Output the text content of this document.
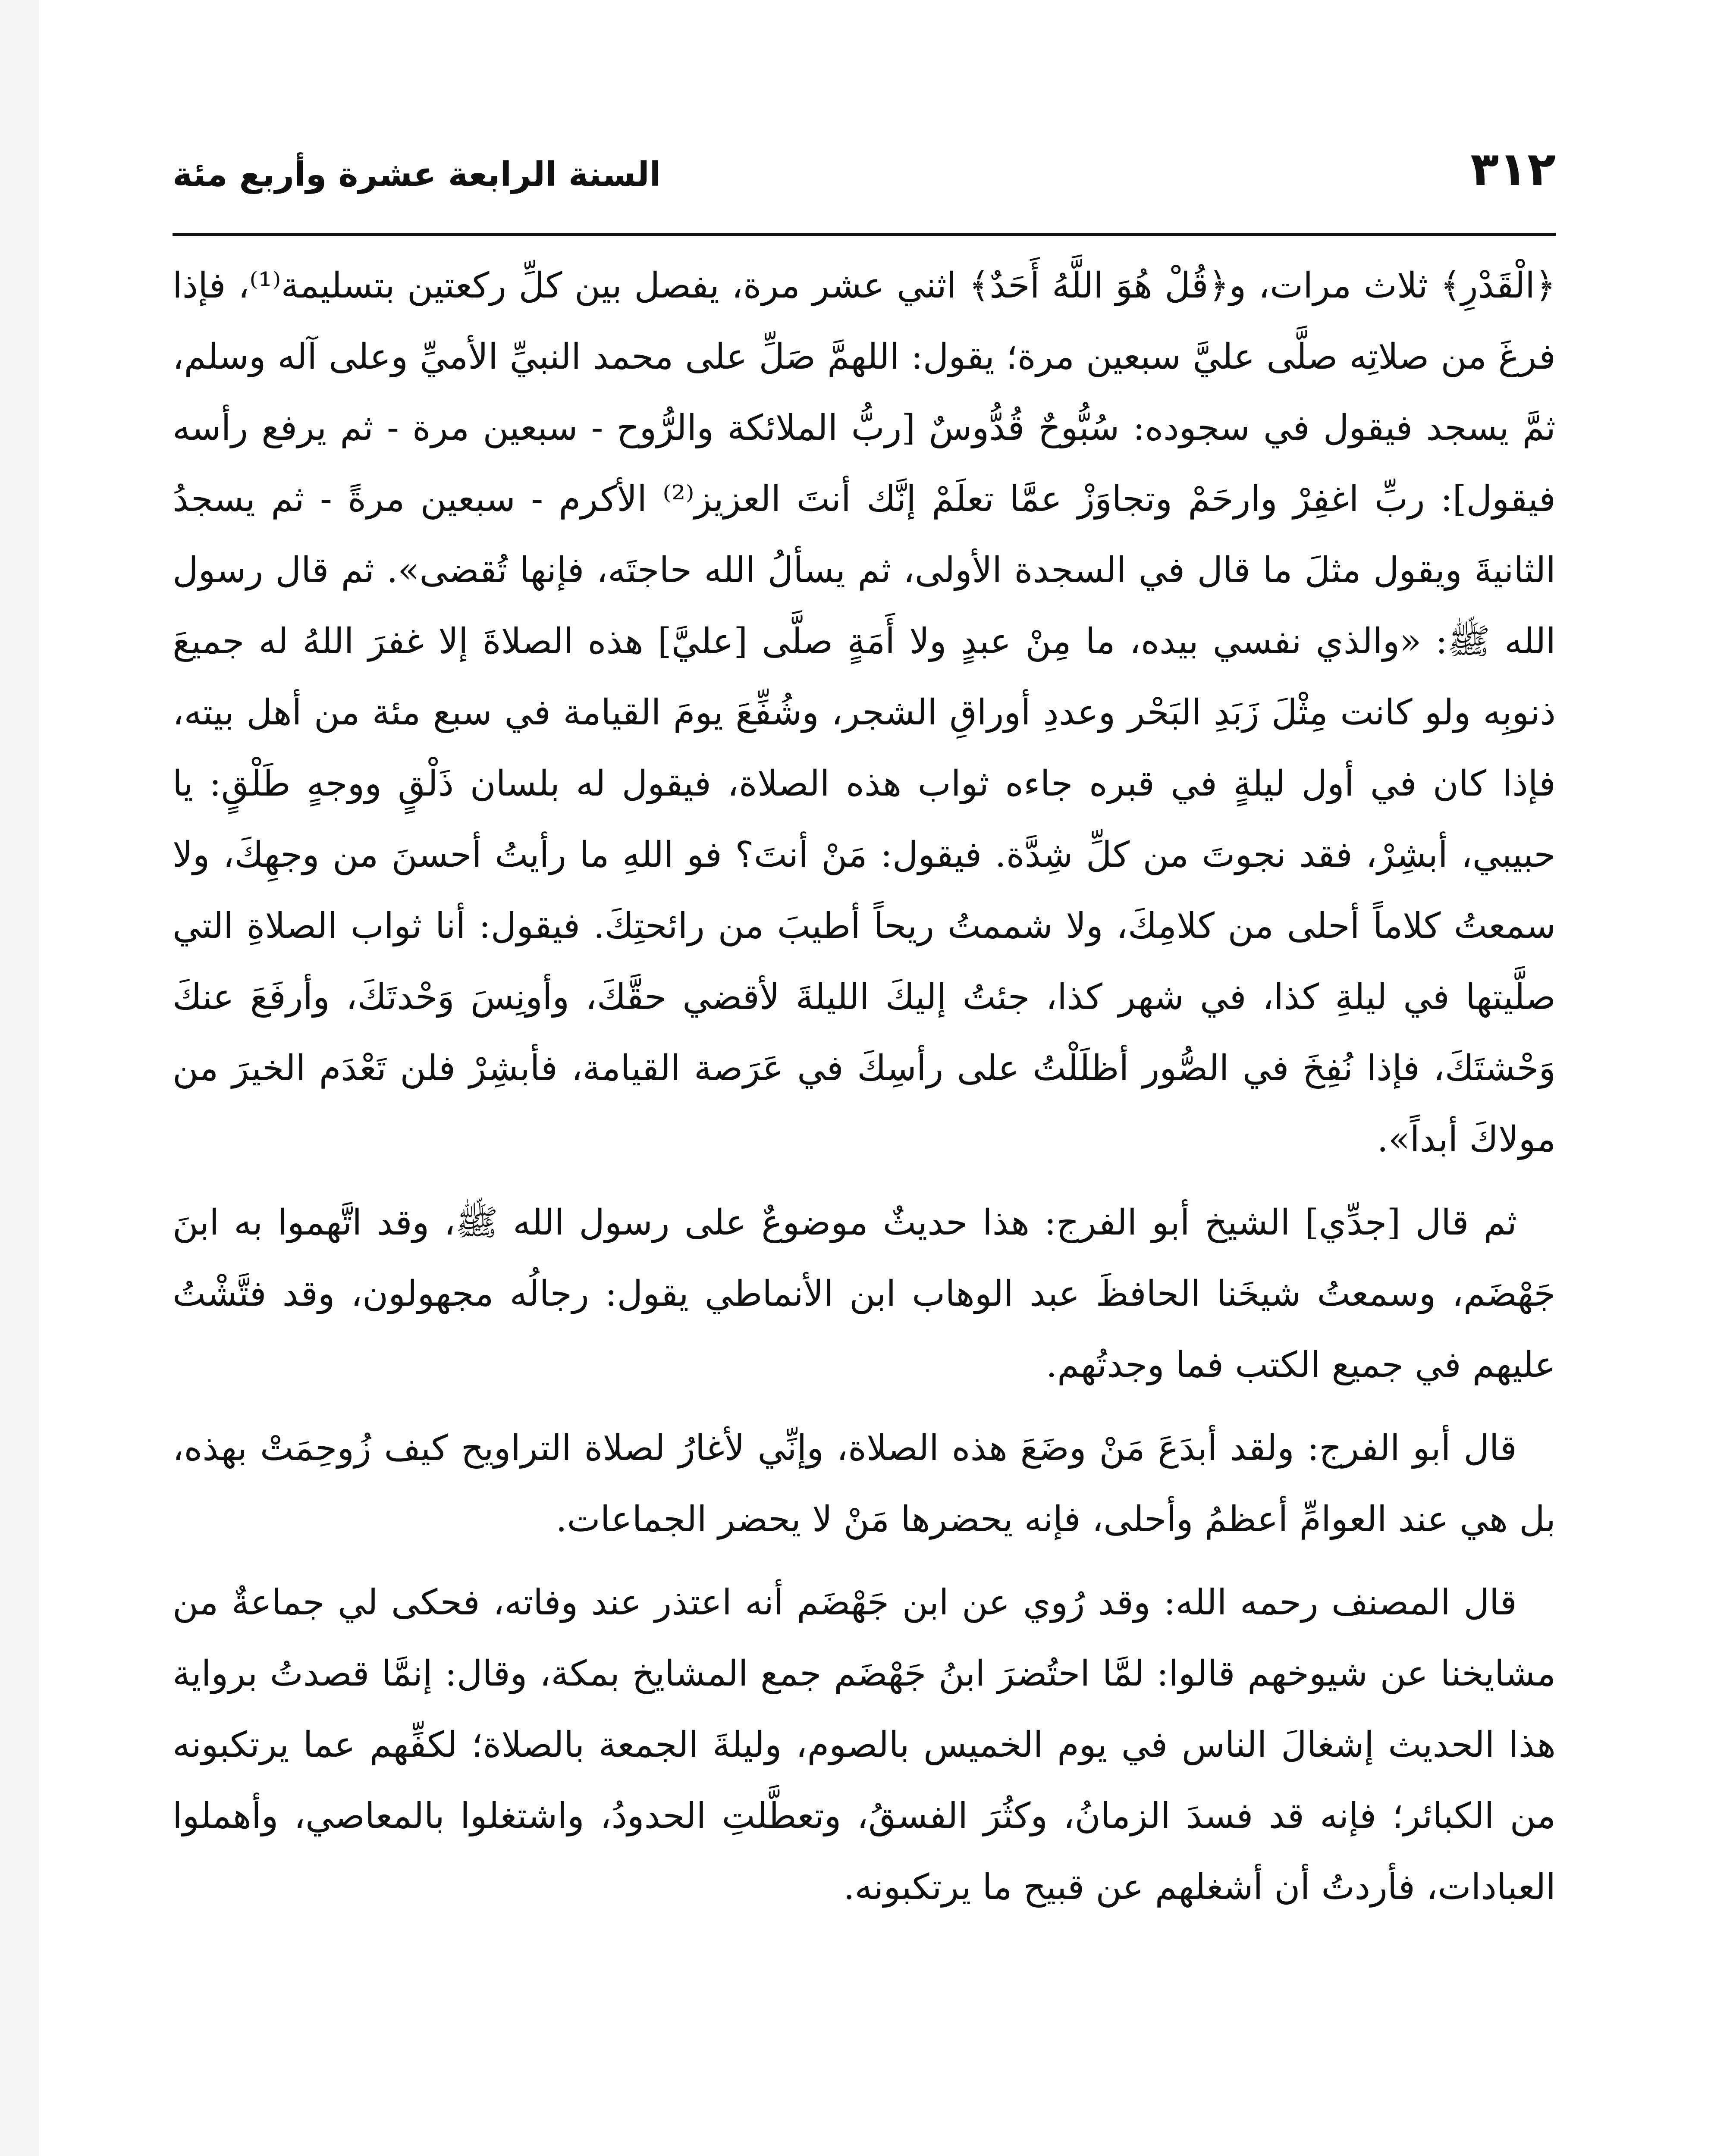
٣١٢
السنة الرابعة عشرة وأربع مئة

﴿الْقَدْرِ﴾ ثلاث مرات، و﴿قُلْ هُوَ اللَّهُ أَحَدٌ﴾ اثني عشر مرة، يفصل بين كلِّ ركعتين بتسليمة⁽¹⁾، فإذا فرغَ من صلاتِه صلَّى عليَّ سبعين مرة؛ يقول: اللهمَّ صَلِّ على محمد النبيِّ الأميِّ وعلى آله وسلم، ثمَّ يسجد فيقول في سجوده: سُبُّوحٌ قُدُّوسٌ [ربُّ الملائكة والرُّوح - سبعين مرة - ثم يرفع رأسه فيقول]: ربِّ اغفِرْ وارحَمْ وتجاوَزْ عمَّا تعلَمْ إنَّك أنتَ العزيز⁽²⁾ الأكرم - سبعين مرةً - ثم يسجدُ الثانيةَ ويقول مثلَ ما قال في السجدة الأولى، ثم يسألُ الله حاجتَه، فإنها تُقضى». ثم قال رسول الله ﷺ: «والذي نفسي بيده، ما مِنْ عبدٍ ولا أَمَةٍ صلَّى [عليَّ] هذه الصلاةَ إلا غفرَ اللهُ له جميعَ ذنوبِه ولو كانت مِثْلَ زَبَدِ البَحْر وعددِ أوراقِ الشجر، وشُفِّعَ يومَ القيامة في سبع مئة من أهل بيته، فإذا كان في أول ليلةٍ في قبره جاءه ثواب هذه الصلاة، فيقول له بلسان ذَلْقٍ ووجهٍ طَلْقٍ: يا حبيبي، أبشِرْ، فقد نجوتَ من كلِّ شِدَّة. فيقول: مَنْ أنتَ؟ فو اللهِ ما رأيتُ أحسنَ من وجهِكَ، ولا سمعتُ كلاماً أحلى من كلامِكَ، ولا شممتُ ريحاً أطيبَ من رائحتِكَ. فيقول: أنا ثواب الصلاةِ التي صلَّيتها في ليلةِ كذا، في شهر كذا، جئتُ إليكَ الليلةَ لأقضي حقَّكَ، وأونِسَ وَحْدتَكَ، وأرفَعَ عنكَ وَحْشتَكَ، فإذا نُفِخَ في الصُّور أظلَلْتُ على رأسِكَ في عَرَصة القيامة، فأبشِرْ فلن تَعْدَم الخيرَ من مولاكَ أبداً».

ثم قال [جدِّي] الشيخ أبو الفرج: هذا حديثٌ موضوعٌ على رسول الله ﷺ، وقد اتَّهموا به ابنَ جَهْضَم، وسمعتُ شيخَنا الحافظَ عبد الوهاب ابن الأنماطي يقول: رجالُه مجهولون، وقد فتَّشْتُ عليهم في جميع الكتب فما وجدتُهم.

قال أبو الفرج: ولقد أبدَعَ مَنْ وضَعَ هذه الصلاة، وإنِّي لأغارُ لصلاة التراويح كيف زُوحِمَتْ بهذه، بل هي عند العوامِّ أعظمُ وأحلى، فإنه يحضرها مَنْ لا يحضر الجماعات.

قال المصنف رحمه الله: وقد رُوي عن ابن جَهْضَم أنه اعتذر عند وفاته، فحكى لي جماعةٌ من مشايخنا عن شيوخهم قالوا: لمَّا احتُضرَ ابنُ جَهْضَم جمع المشايخ بمكة، وقال: إنمَّا قصدتُ برواية هذا الحديث إشغالَ الناس في يوم الخميس بالصوم، وليلةَ الجمعة بالصلاة؛ لكفِّهم عما يرتكبونه من الكبائر؛ فإنه قد فسدَ الزمانُ، وكثُرَ الفسقُ، وتعطَّلتِ الحدودُ، واشتغلوا بالمعاصي، وأهملوا العبادات، فأردتُ أن أشغلهم عن قبيح ما يرتكبونه.
